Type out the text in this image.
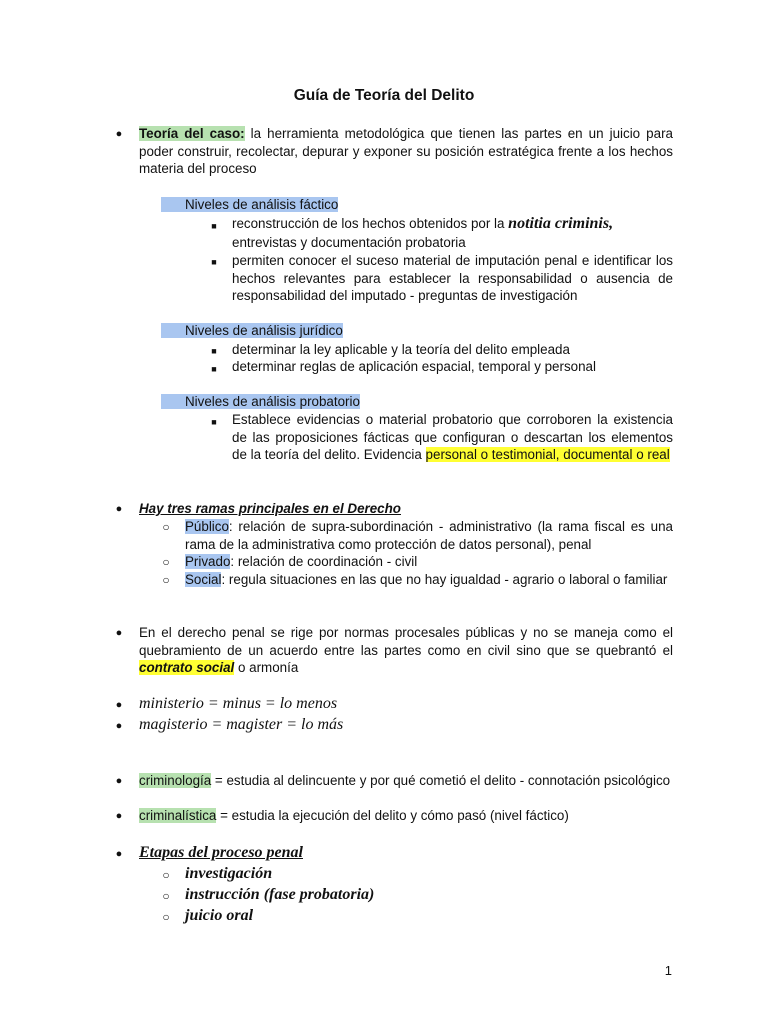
Guía de Teoría del Delito
● Teoría del caso: la herramienta metodológica que tienen las partes en un juicio para poder construir, recolectar, depurar y exponer su posición estratégica frente a los hechos materia del proceso
Niveles de análisis fáctico
■ reconstrucción de los hechos obtenidos por la notitia criminis,
entrevistas y documentación probatoria
■ permiten conocer el suceso material de imputación penal e identificar los hechos relevantes para establecer la responsabilidad o ausencia de responsabilidad del imputado - preguntas de investigación
Niveles de análisis jurídico
■ determinar la ley aplicable y la teoría del delito empleada
■ determinar reglas de aplicación espacial, temporal y personal
Niveles de análisis probatorio
■ Establece evidencias o material probatorio que corroboren la existencia de las proposiciones fácticas que configuran o descartan los elementos de la teoría del delito. Evidencia personal o testimonial, documental o real
● Hay tres ramas principales en el Derecho
○ Público: relación de supra-subordinación - administrativo (la rama fiscal es una rama de la administrativa como protección de datos personal), penal
○ Privado: relación de coordinación - civil
○ Social: regula situaciones en las que no hay igualdad - agrario o laboral o familiar
● En el derecho penal se rige por normas procesales públicas y no se maneja como el quebramiento de un acuerdo entre las partes como en civil sino que se quebrantó el contrato social o armonía
● ministerio = minus = lo menos
● magisterio = magister = lo más
● criminología = estudia al delincuente y por qué cometió el delito - connotación psicológico
● criminalística = estudia la ejecución del delito y cómo pasó (nivel fáctico)
● Etapas del proceso penal
○ investigación
○ instrucción (fase probatoria)
○ juicio oral
1
